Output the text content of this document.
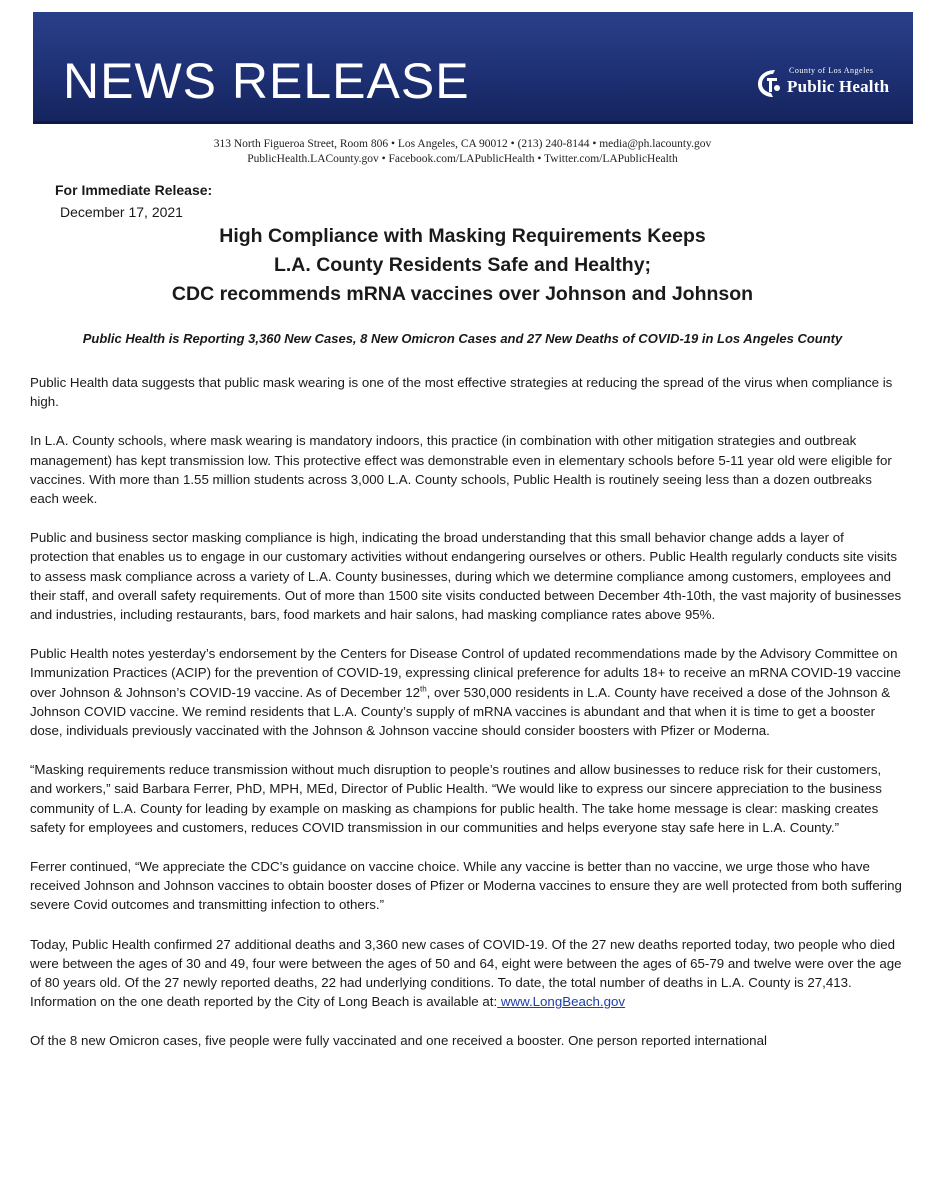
NEWS RELEASE	County of Los Angeles
Public Health
313 North Figueroa Street, Room 806 • Los Angeles, CA 90012 • (213) 240-8144 • media@ph.lacounty.gov
PublicHealth.LACounty.gov • Facebook.com/LAPublicHealth • Twitter.com/LAPublicHealth
For Immediate Release:
December 17, 2021
High Compliance with Masking Requirements Keeps
L.A. County Residents Safe and Healthy;
CDC recommends mRNA vaccines over Johnson and Johnson
Public Health is Reporting 3,360 New Cases, 8 New Omicron Cases and 27 New Deaths of COVID-19 in Los Angeles County

Public Health data suggests that public mask wearing is one of the most effective strategies at reducing the spread of the virus when compliance is high.

In L.A. County schools, where mask wearing is mandatory indoors, this practice (in combination with other mitigation strategies and outbreak management) has kept transmission low. This protective effect was demonstrable even in elementary schools before 5-11 year old were eligible for vaccines. With more than 1.55 million students across 3,000 L.A. County schools, Public Health is routinely seeing less than a dozen outbreaks each week.

Public and business sector masking compliance is high, indicating the broad understanding that this small behavior change adds a layer of protection that enables us to engage in our customary activities without endangering ourselves or others. Public Health regularly conducts site visits to assess mask compliance across a variety of L.A. County businesses, during which we determine compliance among customers, employees and their staff, and overall safety requirements. Out of more than 1500 site visits conducted between December 4th-10th, the vast majority of businesses and industries, including restaurants, bars, food markets and hair salons, had masking compliance rates above 95%.

Public Health notes yesterday’s endorsement by the Centers for Disease Control of updated recommendations made by the Advisory Committee on Immunization Practices (ACIP) for the prevention of COVID-19, expressing clinical preference for adults 18+ to receive an mRNA COVID-19 vaccine over Johnson & Johnson’s COVID-19 vaccine. As of December 12th, over 530,000 residents in L.A. County have received a dose of the Johnson & Johnson COVID vaccine. We remind residents that L.A. County’s supply of mRNA vaccines is abundant and that when it is time to get a booster dose, individuals previously vaccinated with the Johnson & Johnson vaccine should consider boosters with Pfizer or Moderna.

“Masking requirements reduce transmission without much disruption to people’s routines and allow businesses to reduce risk for their customers, and workers,” said Barbara Ferrer, PhD, MPH, MEd, Director of Public Health. “We would like to express our sincere appreciation to the business community of L.A. County for leading by example on masking as champions for public health. The take home message is clear: masking creates safety for employees and customers, reduces COVID transmission in our communities and helps everyone stay safe here in L.A. County.”

Ferrer continued, “We appreciate the CDC’s guidance on vaccine choice. While any vaccine is better than no vaccine, we urge those who have received Johnson and Johnson vaccines to obtain booster doses of Pfizer or Moderna vaccines to ensure they are well protected from both suffering severe Covid outcomes and transmitting infection to others.”

Today, Public Health confirmed 27 additional deaths and 3,360 new cases of COVID-19. Of the 27 new deaths reported today, two people who died were between the ages of 30 and 49, four were between the ages of 50 and 64, eight were between the ages of 65-79 and twelve were over the age of 80 years old. Of the 27 newly reported deaths, 22 had underlying conditions. To date, the total number of deaths in L.A. County is 27,413. Information on the one death reported by the City of Long Beach is available at: www.LongBeach.gov

Of the 8 new Omicron cases, five people were fully vaccinated and one received a booster. One person reported international
